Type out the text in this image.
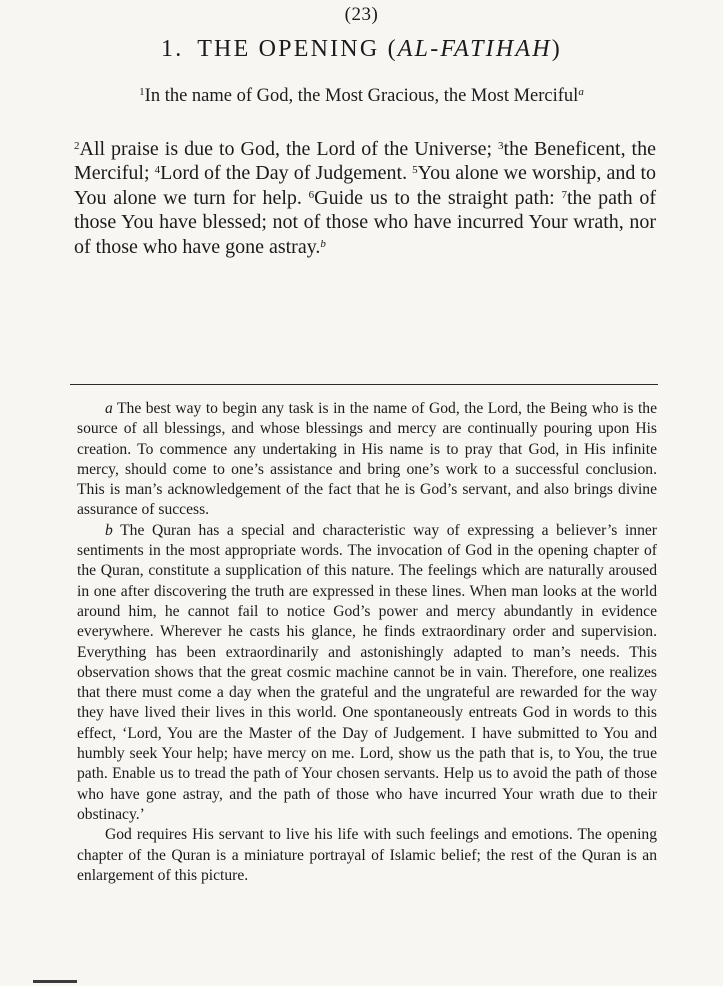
(23)
1. THE OPENING (AL-FATIHAH)
$^1$In the name of God, the Most Gracious, the Most Merciful$^a$
$^2$All praise is due to God, the Lord of the Universe; $^3$the Beneficent, the Merciful; $^4$Lord of the Day of Judgement. $^5$You alone we worship, and to You alone we turn for help. $^6$Guide us to the straight path: $^7$the path of those You have blessed; not of those who have incurred Your wrath, nor of those who have gone astray.$^b$

a The best way to begin any task is in the name of God, the Lord, the Being who is the source of all blessings, and whose blessings and mercy are continually pouring upon His creation. To commence any undertaking in His name is to pray that God, in His infinite mercy, should come to one’s assistance and bring one’s work to a successful conclusion. This is man’s acknowledgement of the fact that he is God’s servant, and also brings divine assurance of success.

b The Quran has a special and characteristic way of expressing a believer’s inner sentiments in the most appropriate words. The invocation of God in the opening chapter of the Quran, constitute a supplication of this nature. The feelings which are naturally aroused in one after discovering the truth are expressed in these lines. When man looks at the world around him, he cannot fail to notice God’s power and mercy abundantly in evidence everywhere. Wherever he casts his glance, he finds extraordinary order and supervision. Everything has been extraordinarily and astonishingly adapted to man’s needs. This observation shows that the great cosmic machine cannot be in vain. Therefore, one realizes that there must come a day when the grateful and the ungrateful are rewarded for the way they have lived their lives in this world. One spontaneously entreats God in words to this effect, ‘Lord, You are the Master of the Day of Judgement. I have submitted to You and humbly seek Your help; have mercy on me. Lord, show us the path that is, to You, the true path. Enable us to tread the path of Your chosen servants. Help us to avoid the path of those who have gone astray, and the path of those who have incurred Your wrath due to their obstinacy.’

God requires His servant to live his life with such feelings and emotions. The opening chapter of the Quran is a miniature portrayal of Islamic belief; the rest of the Quran is an enlargement of this picture.
